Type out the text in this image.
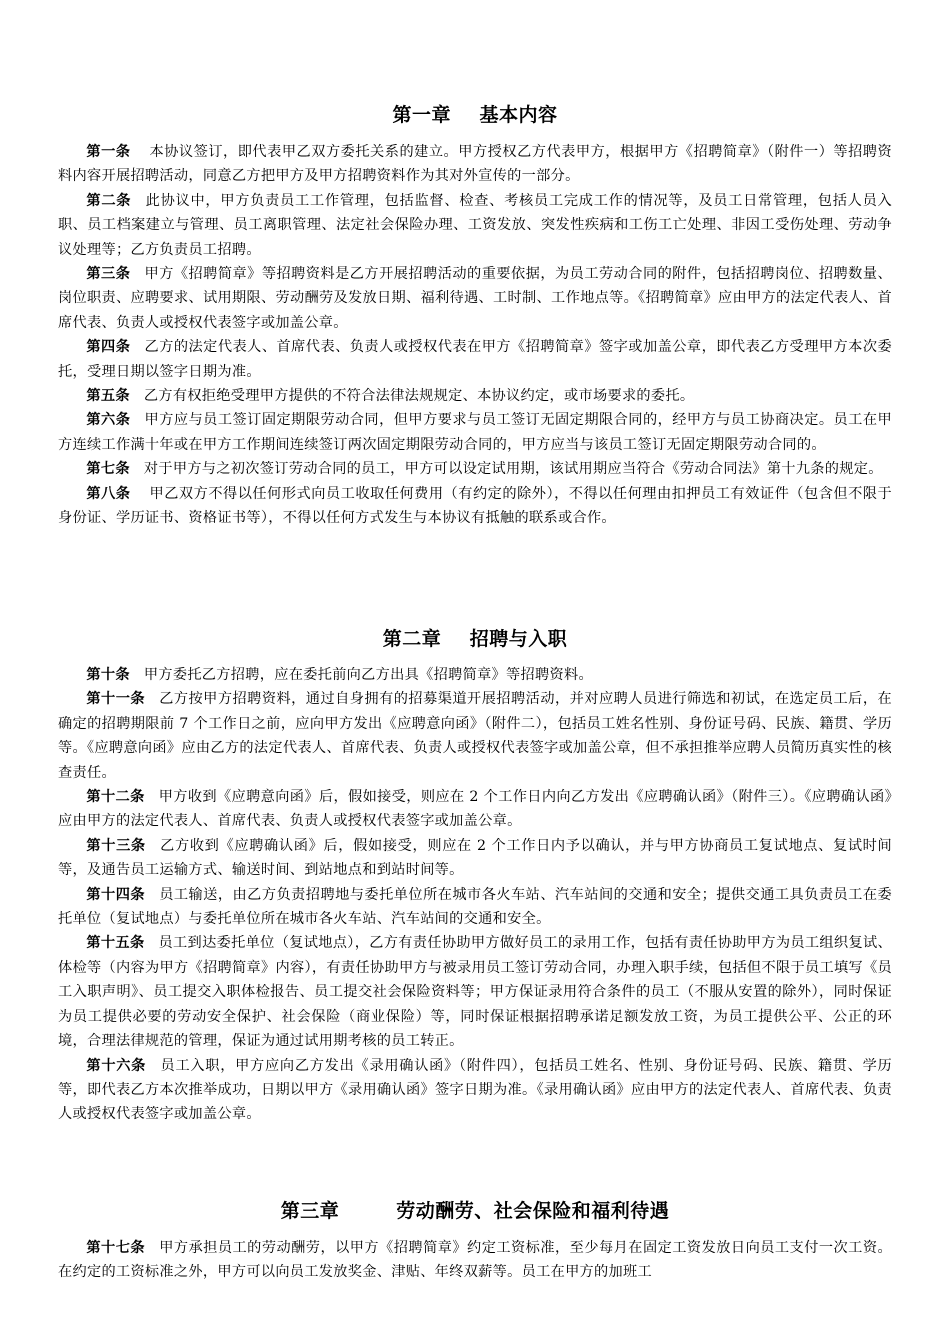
第一章    基本内容

第一条 本协议签订，即代表甲乙双方委托关系的建立。甲方授权乙方代表甲方，根据甲方《招聘简章》（附件一）等招聘资料内容开展招聘活动，同意乙方把甲方及甲方招聘资料作为其对外宣传的一部分。

第二条 此协议中，甲方负责员工工作管理，包括监督、检查、考核员工完成工作的情况等，及员工日常管理，包括人员入职、员工档案建立与管理、员工离职管理、法定社会保险办理、工资发放、突发性疾病和工伤工亡处理、非因工受伤处理、劳动争议处理等；乙方负责员工招聘。

第三条 甲方《招聘简章》等招聘资料是乙方开展招聘活动的重要依据，为员工劳动合同的附件，包括招聘岗位、招聘数量、岗位职责、应聘要求、试用期限、劳动酬劳及发放日期、福利待遇、工时制、工作地点等。《招聘简章》应由甲方的法定代表人、首席代表、负责人或授权代表签字或加盖公章。

第四条 乙方的法定代表人、首席代表、负责人或授权代表在甲方《招聘简章》签字或加盖公章，即代表乙方受理甲方本次委托，受理日期以签字日期为准。

第五条 乙方有权拒绝受理甲方提供的不符合法律法规规定、本协议约定，或市场要求的委托。

第六条 甲方应与员工签订固定期限劳动合同，但甲方要求与员工签订无固定期限合同的，经甲方与员工协商决定。员工在甲方连续工作满十年或在甲方工作期间连续签订两次固定期限劳动合同的，甲方应当与该员工签订无固定期限劳动合同的。

第七条 对于甲方与之初次签订劳动合同的员工，甲方可以设定试用期，该试用期应当符合《劳动合同法》第十九条的规定。

第八条 甲乙双方不得以任何形式向员工收取任何费用（有约定的除外），不得以任何理由扣押员工有效证件（包含但不限于身份证、学历证书、资格证书等），不得以任何方式发生与本协议有抵触的联系或合作。

第二章    招聘与入职

第十条 甲方委托乙方招聘，应在委托前向乙方出具《招聘简章》等招聘资料。

第十一条 乙方按甲方招聘资料，通过自身拥有的招募渠道开展招聘活动，并对应聘人员进行筛选和初试，在选定员工后，在确定的招聘期限前 7 个工作日之前，应向甲方发出《应聘意向函》（附件二），包括员工姓名性别、身份证号码、民族、籍贯、学历等。《应聘意向函》应由乙方的法定代表人、首席代表、负责人或授权代表签字或加盖公章，但不承担推举应聘人员简历真实性的核查责任。

第十二条 甲方收到《应聘意向函》后，假如接受，则应在 2 个工作日内向乙方发出《应聘确认函》（附件三）。《应聘确认函》应由甲方的法定代表人、首席代表、负责人或授权代表签字或加盖公章。

第十三条 乙方收到《应聘确认函》后，假如接受，则应在 2 个工作日内予以确认，并与甲方协商员工复试地点、复试时间等，及通告员工运输方式、输送时间、到站地点和到站时间等。

第十四条 员工输送，由乙方负责招聘地与委托单位所在城市各火车站、汽车站间的交通和安全；提供交通工具负责员工在委托单位（复试地点）与委托单位所在城市各火车站、汽车站间的交通和安全。

第十五条 员工到达委托单位（复试地点），乙方有责任协助甲方做好员工的录用工作，包括有责任协助甲方为员工组织复试、体检等（内容为甲方《招聘简章》内容），有责任协助甲方与被录用员工签订劳动合同，办理入职手续，包括但不限于员工填写《员工入职声明》、员工提交入职体检报告、员工提交社会保险资料等；甲方保证录用符合条件的员工（不服从安置的除外），同时保证为员工提供必要的劳动安全保护、社会保险（商业保险）等，同时保证根据招聘承诺足额发放工资，为员工提供公平、公正的环境，合理法律规范的管理，保证为通过试用期考核的员工转正。

第十六条 员工入职，甲方应向乙方发出《录用确认函》（附件四），包括员工姓名、性别、身份证号码、民族、籍贯、学历等，即代表乙方本次推举成功，日期以甲方《录用确认函》签字日期为准。《录用确认函》应由甲方的法定代表人、首席代表、负责人或授权代表签字或加盖公章。

第三章        劳动酬劳、社会保险和福利待遇

第十七条 甲方承担员工的劳动酬劳，以甲方《招聘简章》约定工资标准，至少每月在固定工资发放日向员工支付一次工资。在约定的工资标准之外，甲方可以向员工发放奖金、津贴、年终双薪等。员工在甲方的加班工
